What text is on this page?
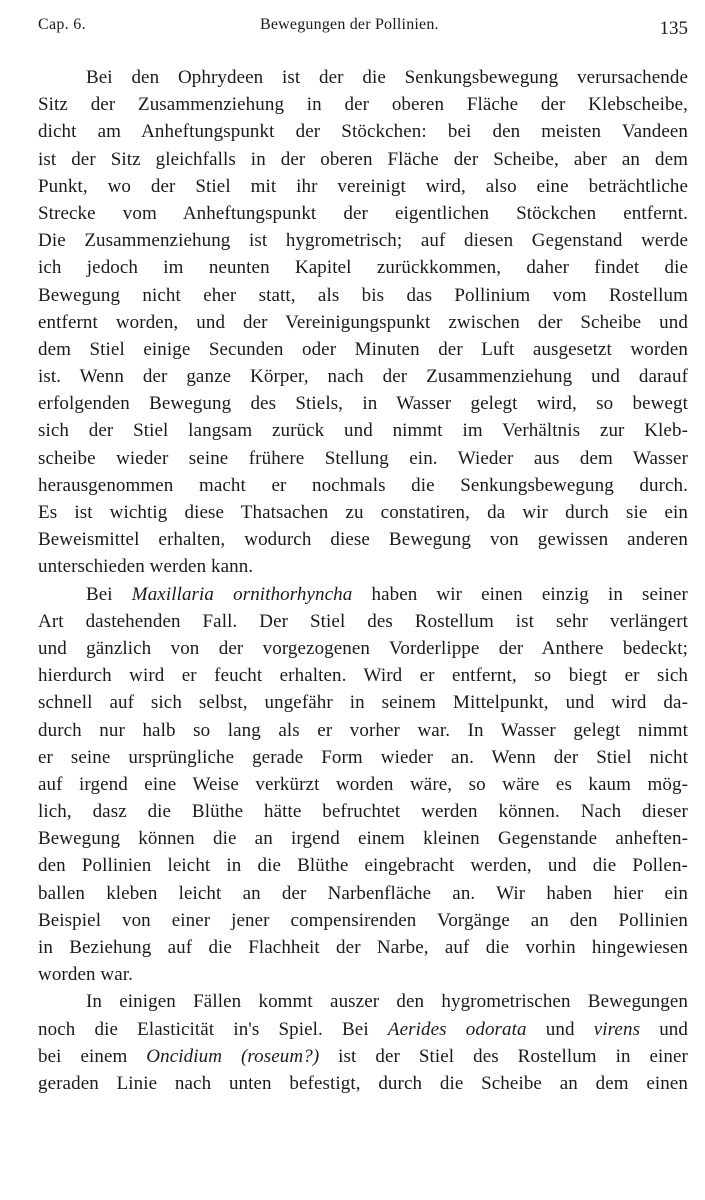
Cap. 6.	Bewegungen der Pollinien.	135
Bei den Ophrydeen ist der die Senkungsbewegung verursachende
Sitz der Zusammenziehung in der oberen Fläche der Klebscheibe,
dicht am Anheftungspunkt der Stöckchen: bei den meisten Vandeen
ist der Sitz gleichfalls in der oberen Fläche der Scheibe, aber an dem
Punkt, wo der Stiel mit ihr vereinigt wird, also eine beträchtliche
Strecke vom Anheftungspunkt der eigentlichen Stöckchen entfernt.
Die Zusammenziehung ist hygrometrisch; auf diesen Gegenstand werde
ich jedoch im neunten Kapitel zurückkommen, daher findet die
Bewegung nicht eher statt, als bis das Pollinium vom Rostellum
entfernt worden, und der Vereinigungspunkt zwischen der Scheibe und
dem Stiel einige Secunden oder Minuten der Luft ausgesetzt worden
ist. Wenn der ganze Körper, nach der Zusammenziehung und darauf
erfolgenden Bewegung des Stiels, in Wasser gelegt wird, so bewegt
sich der Stiel langsam zurück und nimmt im Verhältnis zur Kleb-
scheibe wieder seine frühere Stellung ein. Wieder aus dem Wasser
herausgenommen macht er nochmals die Senkungsbewegung durch.
Es ist wichtig diese Thatsachen zu constatiren, da wir durch sie ein
Beweismittel erhalten, wodurch diese Bewegung von gewissen anderen
unterschieden werden kann.
Bei Maxillaria ornithorhyncha haben wir einen einzig in seiner
Art dastehenden Fall. Der Stiel des Rostellum ist sehr verlängert
und gänzlich von der vorgezogenen Vorderlippe der Anthere bedeckt;
hierdurch wird er feucht erhalten. Wird er entfernt, so biegt er sich
schnell auf sich selbst, ungefähr in seinem Mittelpunkt, und wird da-
durch nur halb so lang als er vorher war. In Wasser gelegt nimmt
er seine ursprüngliche gerade Form wieder an. Wenn der Stiel nicht
auf irgend eine Weise verkürzt worden wäre, so wäre es kaum mög-
lich, dasz die Blüthe hätte befruchtet werden können. Nach dieser
Bewegung können die an irgend einem kleinen Gegenstande anheften-
den Pollinien leicht in die Blüthe eingebracht werden, und die Pollen-
ballen kleben leicht an der Narbenfläche an. Wir haben hier ein
Beispiel von einer jener compensirenden Vorgänge an den Pollinien
in Beziehung auf die Flachheit der Narbe, auf die vorhin hingewiesen
worden war.
In einigen Fällen kommt auszer den hygrometrischen Bewegungen
noch die Elasticität in's Spiel. Bei Aerides odorata und virens und
bei einem Oncidium (roseum?) ist der Stiel des Rostellum in einer
geraden Linie nach unten befestigt, durch die Scheibe an dem einen
